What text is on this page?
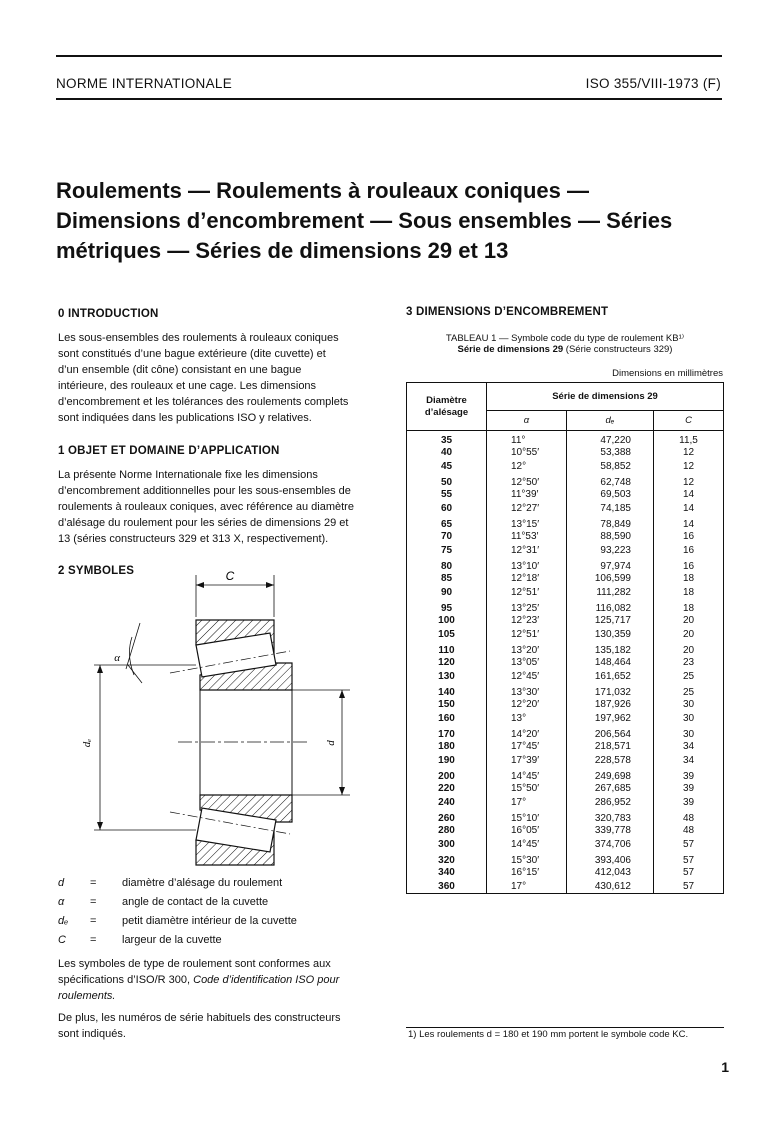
NORME INTERNATIONALE	ISO 355/VIII-1973 (F)
Roulements — Roulements à rouleaux coniques —
Dimensions d’encombrement — Sous ensembles — Séries
métriques — Séries de dimensions 29 et 13
0 INTRODUCTION
Les sous-ensembles des roulements à rouleaux coniques
sont constitués d’une bague extérieure (dite cuvette) et
d’un ensemble (dit cône) consistant en une bague
intérieure, des rouleaux et une cage. Les dimensions
d’encombrement et les tolérances des roulements complets
sont indiquées dans les publications ISO y relatives.
1 OBJET ET DOMAINE D’APPLICATION
La présente Norme Internationale fixe les dimensions
d’encombrement additionnelles pour les sous-ensembles de
roulements à rouleaux coniques, avec référence au diamètre
d’alésage du roulement pour les séries de dimensions 29 et
13 (séries constructeurs 329 et 313 X, respectivement).
2 SYMBOLES	C
α
dₑ	d
d = diamètre d’alésage du roulement
α = angle de contact de la cuvette
dₑ = petit diamètre intérieur de la cuvette
C = largeur de la cuvette
Les symboles de type de roulement sont conformes aux
spécifications d’ISO/R 300, Code d’identification ISO pour
roulements.
De plus, les numéros de série habituels des constructeurs
sont indiqués.
3 DIMENSIONS D’ENCOMBREMENT
TABLEAU 1 — Symbole code du type de roulement KB¹⁾
Série de dimensions 29 (Série constructeurs 329)
Dimensions en millimètres
Diamètre
d’alésage	Série de dimensions 29		
	α	dₑ	C
35	11°	47,220	11,5
40	10°55′	53,388	12
45	12°	58,852	12
50	12°50′	62,748	12
55	11°39′	69,503	14
60	12°27′	74,185	14
65	13°15′	78,849	14
70	11°53′	88,590	16
75	12°31′	93,223	16
80	13°10′	97,974	16
85	12°18′	106,599	18
90	12°51′	111,282	18
95	13°25′	116,082	18
100	12°23′	125,717	20
105	12°51′	130,359	20
110	13°20′	135,182	20
120	13°05′	148,464	23
130	12°45′	161,652	25
140	13°30′	171,032	25
150	12°20′	187,926	30
160	13°	197,962	30
170	14°20′	206,564	30
180	17°45′	218,571	34
190	17°39′	228,578	34
200	14°45′	249,698	39
220	15°50′	267,685	39
240	17°	286,952	39
260	15°10′	320,783	48
280	16°05′	339,778	48
300	14°45′	374,706	57
320	15°30′	393,406	57
340	16°15′	412,043	57
360	17°	430,612	57
1) Les roulements d = 180 et 190 mm portent le symbole code KC.
1
